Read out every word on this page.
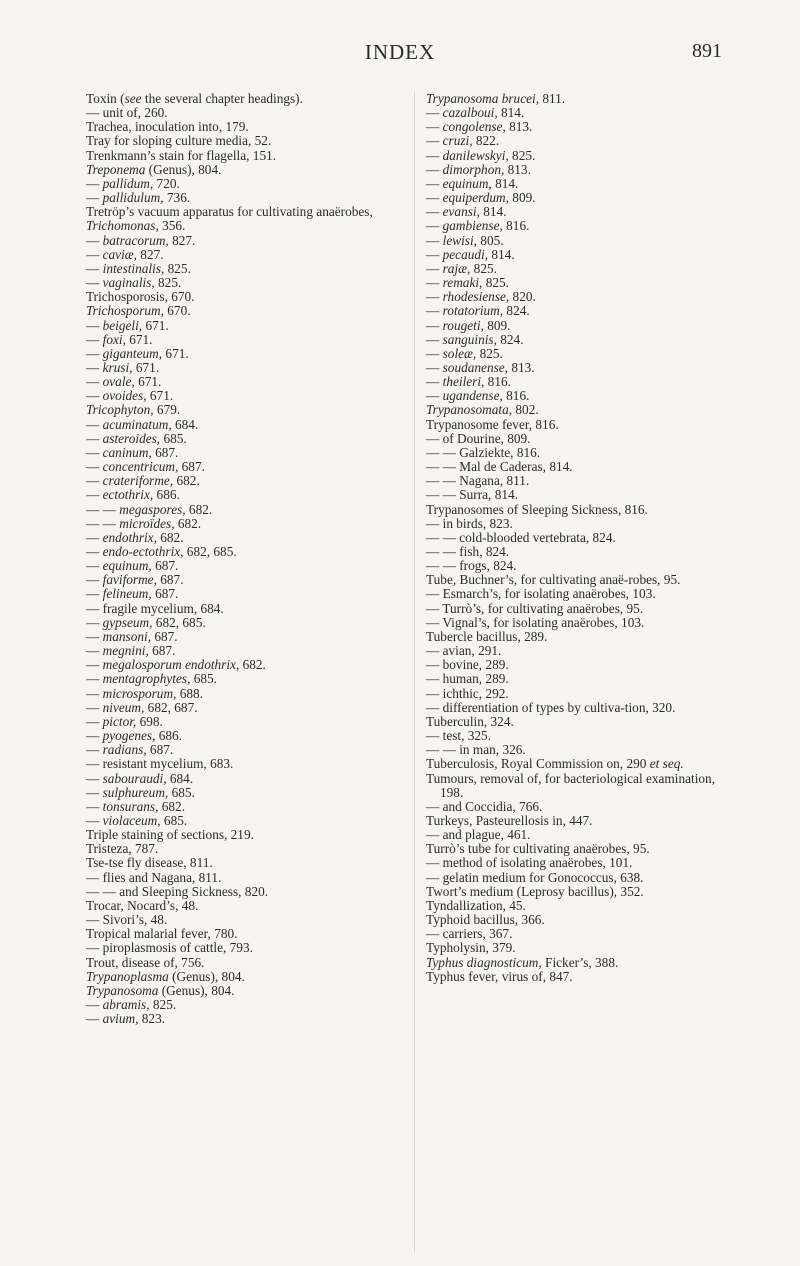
INDEX	891
Toxin (see the several chapter headings).
— unit of, 260.
Trachea, inoculation into, 179.
Tray for sloping culture media, 52.
Trenkmann’s stain for flagella, 151.
Treponema (Genus), 804.
— pallidum, 720.
— pallidulum, 736.
Tretröp’s vacuum apparatus for cultivating anaërobes,
Trichomonas, 356.
— batracorum, 827.
— caviæ, 827.
— intestinalis, 825.
— vaginalis, 825.
Trichosporosis, 670.
Trichosporum, 670.
— beigeli, 671.
— foxi, 671.
— giganteum, 671.
— krusi, 671.
— ovale, 671.
— ovoides, 671.
Tricophyton, 679.
— acuminatum, 684.
— asteroides, 685.
— caninum, 687.
— concentricum, 687.
— crateriforme, 682.
— ectothrix, 686.
— — megaspores, 682.
— — microïdes, 682.
— endothrix, 682.
— endo-ectothrix, 682, 685.
— equinum, 687.
— faviforme, 687.
— felineum, 687.
— fragile mycelium, 684.
— gypseum, 682, 685.
— mansoni, 687.
— megnini, 687.
— megalosporum endothrix, 682.
— mentagrophytes, 685.
— microsporum, 688.
— niveum, 682, 687.
— pictor, 698.
— pyogenes, 686.
— radians, 687.
— resistant mycelium, 683.
— sabouraudi, 684.
— sulphureum, 685.
— tonsurans, 682.
— violaceum, 685.
Triple staining of sections, 219.
Tristeza, 787.
Tse-tse fly disease, 811.
— flies and Nagana, 811.
— — and Sleeping Sickness, 820.
Trocar, Nocard’s, 48.
— Sivori’s, 48.
Tropical malarial fever, 780.
— piroplasmosis of cattle, 793.
Trout, disease of, 756.
Trypanoplasma (Genus), 804.
Trypanosoma (Genus), 804.
— abramis, 825.
— avium, 823.
Trypanosoma brucei, 811.
— cazalboui, 814.
— congolense, 813.
— cruzi, 822.
— danilewskyi, 825.
— dimorphon, 813.
— equinum, 814.
— equiperdum, 809.
— evansi, 814.
— gambiense, 816.
— lewisi, 805.
— pecaudi, 814.
— rajæ, 825.
— remaki, 825.
— rhodesiense, 820.
— rotatorium, 824.
— rougeti, 809.
— sanguinis, 824.
— soleæ, 825.
— soudanense, 813.
— theileri, 816.
— ugandense, 816.
Trypanosomata, 802.
Trypanosome fever, 816.
— of Dourine, 809.
— — Galziekte, 816.
— — Mal de Caderas, 814.
— — Nagana, 811.
— — Surra, 814.
Trypanosomes of Sleeping Sickness, 816.
— in birds, 823.
— — cold-blooded vertebrata, 824.
— — fish, 824.
— — frogs, 824.
Tube, Buchner’s, for cultivating anaë-robes, 95.
— Esmarch’s, for isolating anaërobes, 103.
— Turrò’s, for cultivating anaërobes, 95.
— Vignal’s, for isolating anaërobes, 103.
Tubercle bacillus, 289.
— avian, 291.
— bovine, 289.
— human, 289.
— ichthic, 292.
— differentiation of types by cultiva-tion, 320.
Tuberculin, 324.
— test, 325.
— — in man, 326.
Tuberculosis, Royal Commission on, 290 et seq.
Tumours, removal of, for bacteriological examination, 198.
— and Coccidia, 766.
Turkeys, Pasteurellosis in, 447.
— and plague, 461.
Turrò’s tube for cultivating anaërobes, 95.
— method of isolating anaërobes, 101.
— gelatin medium for Gonococcus, 638.
Twort’s medium (Leprosy bacillus), 352.
Tyndallization, 45.
Typhoid bacillus, 366.
— carriers, 367.
Typholysin, 379.
Typhus diagnosticum, Ficker’s, 388.
Typhus fever, virus of, 847.
